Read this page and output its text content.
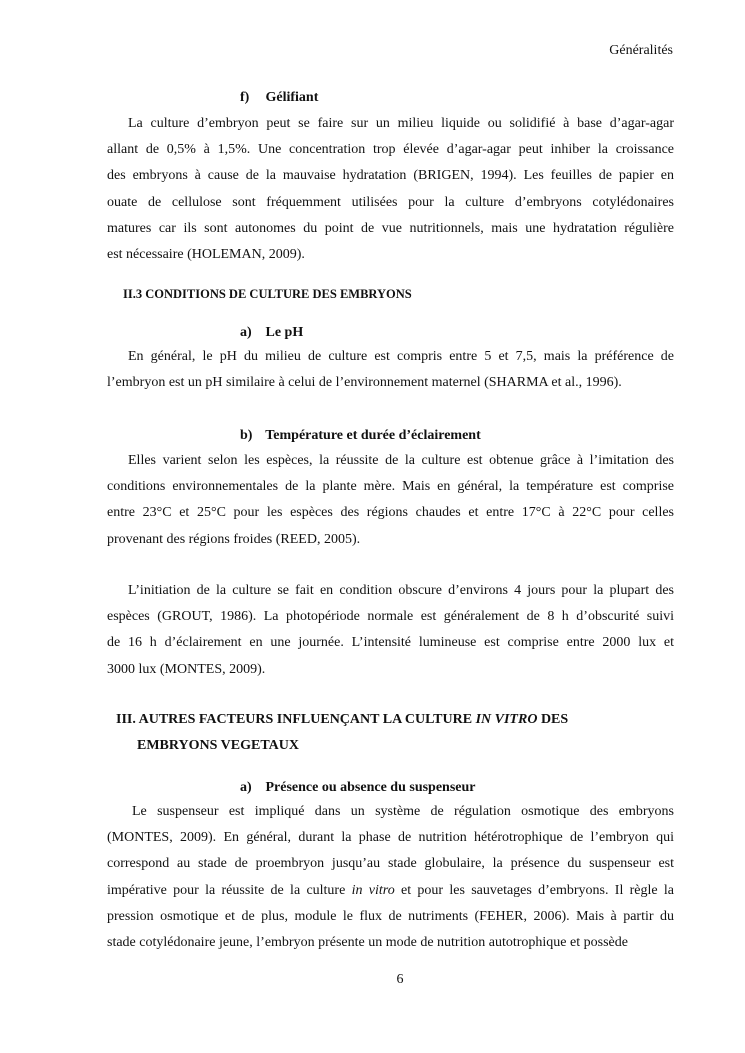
Généralités
f) Gélifiant
La culture d’embryon peut se faire sur un milieu liquide ou solidifié à base d’agar-agar
allant de 0,5% à 1,5%. Une concentration trop élevée d’agar-agar peut inhiber la croissance
des embryons à cause de la mauvaise hydratation (BRIGEN, 1994). Les feuilles de papier en
ouate de cellulose sont fréquemment utilisées pour la culture d’embryons cotylédonaires
matures car ils sont autonomes du point de vue nutritionnels, mais une hydratation régulière
est nécessaire (HOLEMAN, 2009).
II.3 CONDITIONS DE CULTURE DES EMBRYONS
a) Le pH
En général, le pH du milieu de culture est compris entre 5 et 7,5, mais la préférence de
l’embryon est un pH similaire à celui de l’environnement maternel (SHARMA et al., 1996).
b) Température et durée d’éclairement
Elles varient selon les espèces, la réussite de la culture est obtenue grâce à l’imitation des
conditions environnementales de la plante mère. Mais en général, la température est comprise
entre 23°C et 25°C pour les espèces des régions chaudes et entre 17°C à 22°C pour celles
provenant des régions froides (REED, 2005).
L’initiation de la culture se fait en condition obscure d’environs 4 jours pour la plupart des
espèces (GROUT, 1986). La photopériode normale est généralement de 8 h d’obscurité suivi
de 16 h d’éclairement en une journée. L’intensité lumineuse est comprise entre 2000 lux et
3000 lux (MONTES, 2009).
III. AUTRES FACTEURS INFLUENÇANT LA CULTURE IN VITRO DES
EMBRYONS VEGETAUX
a) Présence ou absence du suspenseur
Le suspenseur est impliqué dans un système de régulation osmotique des embryons
(MONTES, 2009). En général, durant la phase de nutrition hétérotrophique de l’embryon qui
correspond au stade de proembryon jusqu’au stade globulaire, la présence du suspenseur est
impérative pour la réussite de la culture in vitro et pour les sauvetages d’embryons. Il règle la
pression osmotique et de plus, module le flux de nutriments (FEHER, 2006). Mais à partir du
stade cotylédonaire jeune, l’embryon présente un mode de nutrition autotrophique et possède
6
